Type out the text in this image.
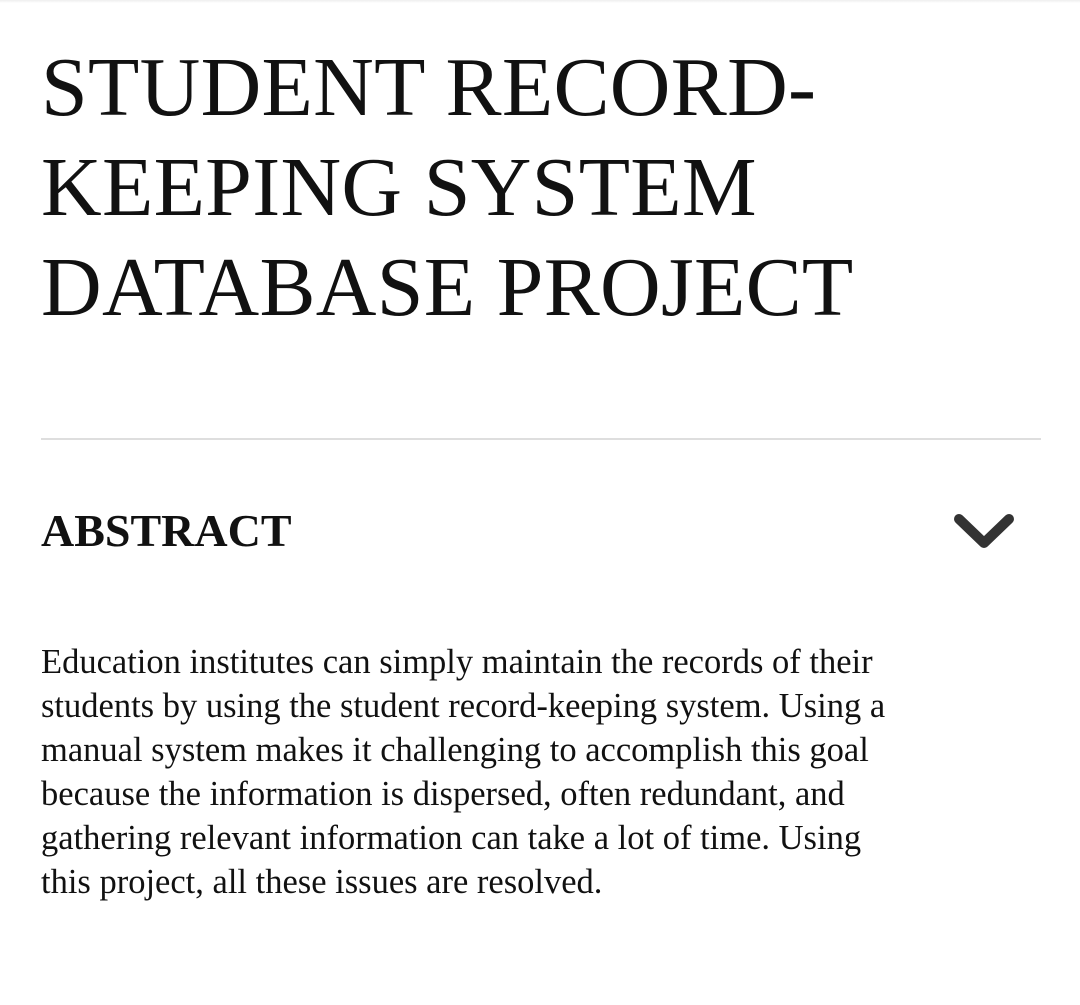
STUDENT RECORD-
KEEPING SYSTEM
DATABASE PROJECT
ABSTRACT

Education institutes can simply maintain the records of their
students by using the student record-keeping system. Using a
manual system makes it challenging to accomplish this goal
because the information is dispersed, often redundant, and
gathering relevant information can take a lot of time. Using
this project, all these issues are resolved.
